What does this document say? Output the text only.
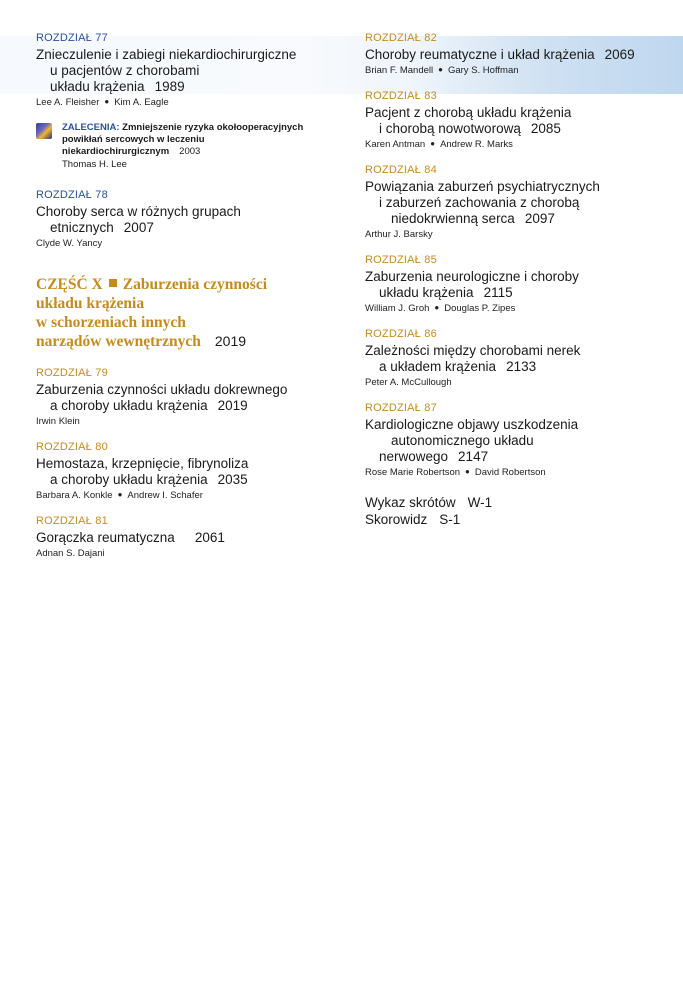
ROZDZIAŁ 77
Znieczulenie i zabiegi niekardiochirurgiczne
u pacjentów z chorobami
układu krążenia 1989
Lee A. Fleisher ● Kim A. Eagle
ZALECENIA: Zmniejszenie ryzyka okołooperacyjnych
powikłań sercowych w leczeniu
niekardiochirurgicznym 2003
Thomas H. Lee
ROZDZIAŁ 78
Choroby serca w różnych grupach
etnicznych 2007
Clyde W. Yancy
CZĘŚĆ X Zaburzenia czynności
układu krążenia
w schorzeniach innych
narządów wewnętrznych 2019
ROZDZIAŁ 79
Zaburzenia czynności układu dokrewnego
a choroby układu krążenia 2019
Irwin Klein
ROZDZIAŁ 80
Hemostaza, krzepnięcie, fibrynoliza
a choroby układu krążenia 2035
Barbara A. Konkle ● Andrew I. Schafer
ROZDZIAŁ 81
Gorączka reumatyczna 2061
Adnan S. Dajani
ROZDZIAŁ 82
Choroby reumatyczne i układ krążenia 2069
Brian F. Mandell ● Gary S. Hoffman
ROZDZIAŁ 83
Pacjent z chorobą układu krążenia
i chorobą nowotworową 2085
Karen Antman ● Andrew R. Marks
ROZDZIAŁ 84
Powiązania zaburzeń psychiatrycznych
i zaburzeń zachowania z chorobą
niedokrwienną serca 2097
Arthur J. Barsky
ROZDZIAŁ 85
Zaburzenia neurologiczne i choroby
układu krążenia 2115
William J. Groh ● Douglas P. Zipes
ROZDZIAŁ 86
Zależności między chorobami nerek
a układem krążenia 2133
Peter A. McCullough
ROZDZIAŁ 87
Kardiologiczne objawy uszkodzenia
autonomicznego układu
nerwowego 2147
Rose Marie Robertson ● David Robertson
Wykaz skrótów W-1
Skorowidz S-1
